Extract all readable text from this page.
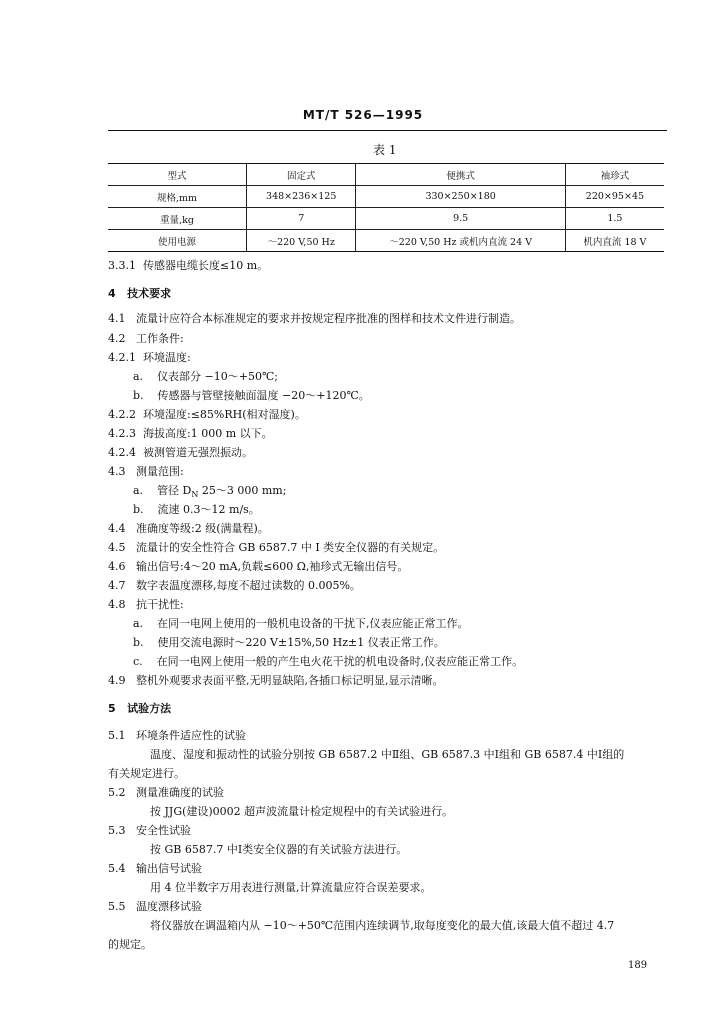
MT/T 526—1995
表 1
型式	固定式	便携式	袖珍式
规格,mm	348×236×125	330×250×180	220×95×45
重量,kg	7	9.5	1.5
使用电源	～220 V,50 Hz	～220 V,50 Hz 或机内直流 24 V	机内直流 18 V
3.3.1 传感器电缆长度≤10 m。
4 技术要求
4.1 流量计应符合本标准规定的要求并按规定程序批准的图样和技术文件进行制造。
4.2 工作条件:
4.2.1 环境温度:
a. 仪表部分 −10～+50℃;
b. 传感器与管壁接触面温度 −20～+120℃。
4.2.2 环境湿度:≤85%RH(相对湿度)。
4.2.3 海拔高度:1 000 m 以下。
4.2.4 被测管道无强烈振动。
4.3 测量范围:
a. 管径 $D_N$ 25～3 000 mm;
b. 流速 0.3～12 m/s。
4.4 准确度等级:2 级(满量程)。
4.5 流量计的安全性符合 GB 6587.7 中 I 类安全仪器的有关规定。
4.6 输出信号:4～20 mA,负载≤600 Ω,袖珍式无输出信号。
4.7 数字表温度漂移,每度不超过读数的 0.005%。
4.8 抗干扰性:
a. 在同一电网上使用的一般机电设备的干扰下,仪表应能正常工作。
b. 使用交流电源时～220 V±15%,50 Hz±1 仪表正常工作。
c. 在同一电网上使用一般的产生电火花干扰的机电设备时,仪表应能正常工作。
4.9 整机外观要求表面平整,无明显缺陷,各插口标记明显,显示清晰。
5 试验方法
5.1 环境条件适应性的试验
温度、湿度和振动性的试验分别按 GB 6587.2 中Ⅱ组、GB 6587.3 中Ⅰ组和 GB 6587.4 中Ⅰ组的
有关规定进行。
5.2 测量准确度的试验
按 JJG(建设)0002 超声波流量计检定规程中的有关试验进行。
5.3 安全性试验
按 GB 6587.7 中Ⅰ类安全仪器的有关试验方法进行。
5.4 输出信号试验
用 4 位半数字万用表进行测量,计算流量应符合误差要求。
5.5 温度漂移试验
将仪器放在调温箱内从 −10～+50℃范围内连续调节,取每度变化的最大值,该最大值不超过 4.7
的规定。
189
